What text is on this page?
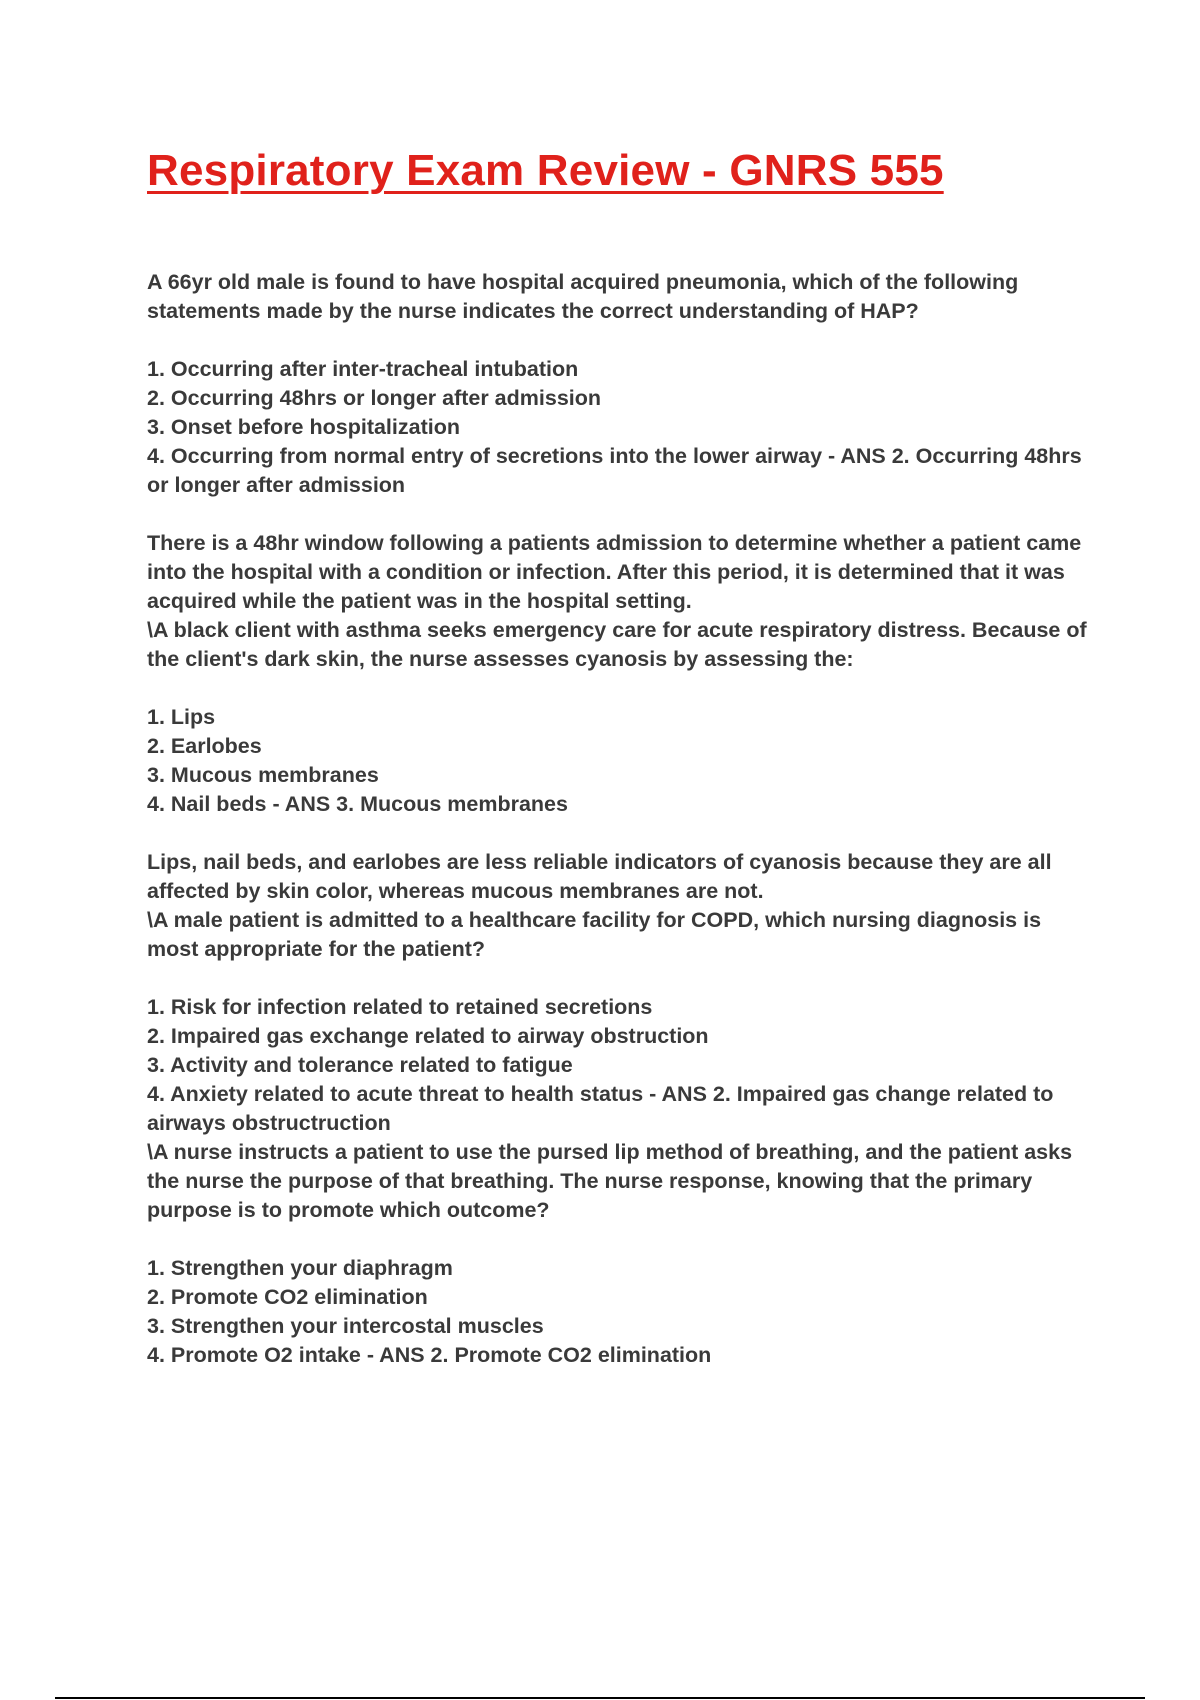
Respiratory Exam Review - GNRS 555

A 66yr old male is found to have hospital acquired pneumonia, which of the following statements made by the nurse indicates the correct understanding of HAP?

1. Occurring after inter-tracheal intubation

2. Occurring 48hrs or longer after admission

3. Onset before hospitalization

4. Occurring from normal entry of secretions into the lower airway - ANS 2. Occurring 48hrs or longer after admission

There is a 48hr window following a patients admission to determine whether a patient came into the hospital with a condition or infection. After this period, it is determined that it was acquired while the patient was in the hospital setting.

\A black client with asthma seeks emergency care for acute respiratory distress. Because of the client's dark skin, the nurse assesses cyanosis by assessing the:

1. Lips

2. Earlobes

3. Mucous membranes

4. Nail beds - ANS 3. Mucous membranes

Lips, nail beds, and earlobes are less reliable indicators of cyanosis because they are all affected by skin color, whereas mucous membranes are not.

\A male patient is admitted to a healthcare facility for COPD, which nursing diagnosis is most appropriate for the patient?

1. Risk for infection related to retained secretions

2. Impaired gas exchange related to airway obstruction

3. Activity and tolerance related to fatigue

4. Anxiety related to acute threat to health status - ANS 2. Impaired gas change related to airways obstructruction

\A nurse instructs a patient to use the pursed lip method of breathing, and the patient asks the nurse the purpose of that breathing. The nurse response, knowing that the primary purpose is to promote which outcome?

1. Strengthen your diaphragm

2. Promote CO2 elimination

3. Strengthen your intercostal muscles

4. Promote O2 intake - ANS 2. Promote CO2 elimination
